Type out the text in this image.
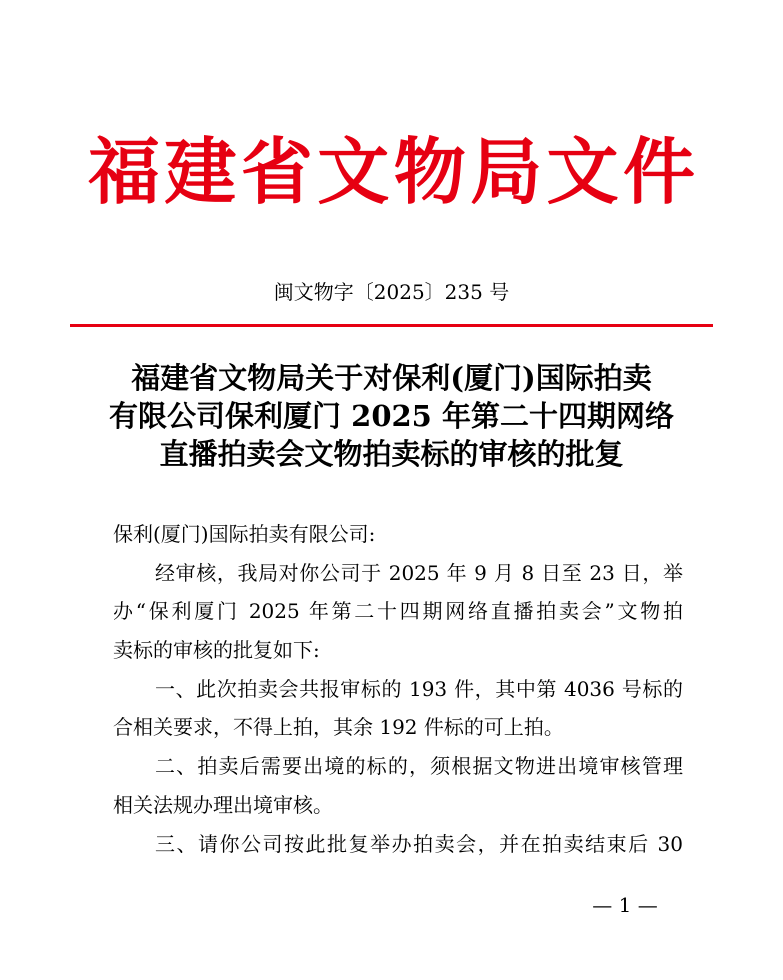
福建省文物局文件
闽文物字〔2025〕235 号
福建省文物局关于对保利(厦门)国际拍卖
有限公司保利厦门 2025 年第二十四期网络
直播拍卖会文物拍卖标的审核的批复
保利(厦门)国际拍卖有限公司:
经审核，我局对你公司于 2025 年 9 月 8 日至 23 日，举
办“保利厦门 2025 年第二十四期网络直播拍卖会”文物拍
卖标的审核的批复如下:
一、此次拍卖会共报审标的 193 件，其中第 4036 号标的
合相关要求，不得上拍，其余 192 件标的可上拍。
二、拍卖后需要出境的标的，须根据文物进出境审核管理
相关法规办理出境审核。
三、请你公司按此批复举办拍卖会，并在拍卖结束后 30
— 1 —
